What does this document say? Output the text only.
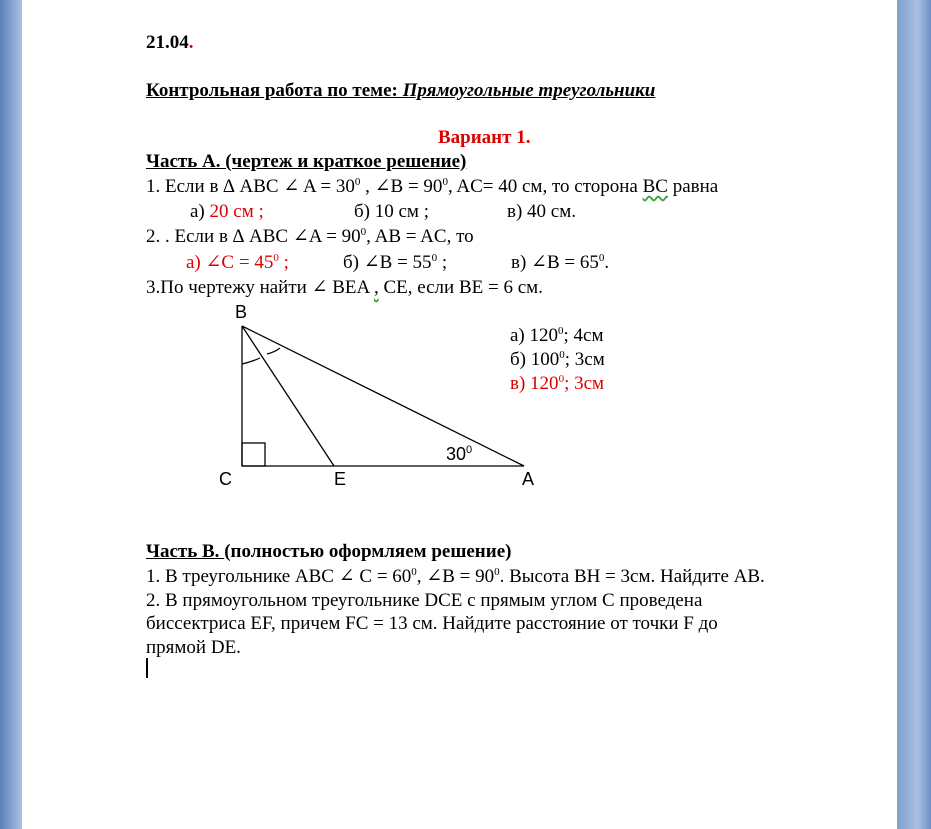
21.04.
Контрольная работа по теме: Прямоугольные треугольники
Вариант 1.
Часть А. (чертеж и краткое решение)
1. Если в ∆ ABC ∠ $A = 30^0$ , ∠B = $90^0$, AC= 40 см, то сторона BC равна
а) 20 см ;	б) 10 см ;	в) 40 см.
2. . Если в ∆ ABC ∠A = $90^0$, AB = AC, то
а) ∠C = $45^0$ ;	б) ∠B = $55^0$ ;	в) ∠B = $65^0$.
3.По чертежу найти ∠ BEA , CE, если BE = 6 см.
а) $120^0$; 4см
б) $100^0$; 3см
в) $120^0$; 3см
B
C	E	A
$30^0$
Часть В. (полностью оформляем решение)
1. В треугольнике ABC ∠ $C = 60^0$, ∠B = $90^0$. Высота BH = 3см. Найдите AB.
2. В прямоугольном треугольнике DCE с прямым углом C проведена
биссектриса EF, причем FC = 13 см. Найдите расстояние от точки F до
прямой DE.
